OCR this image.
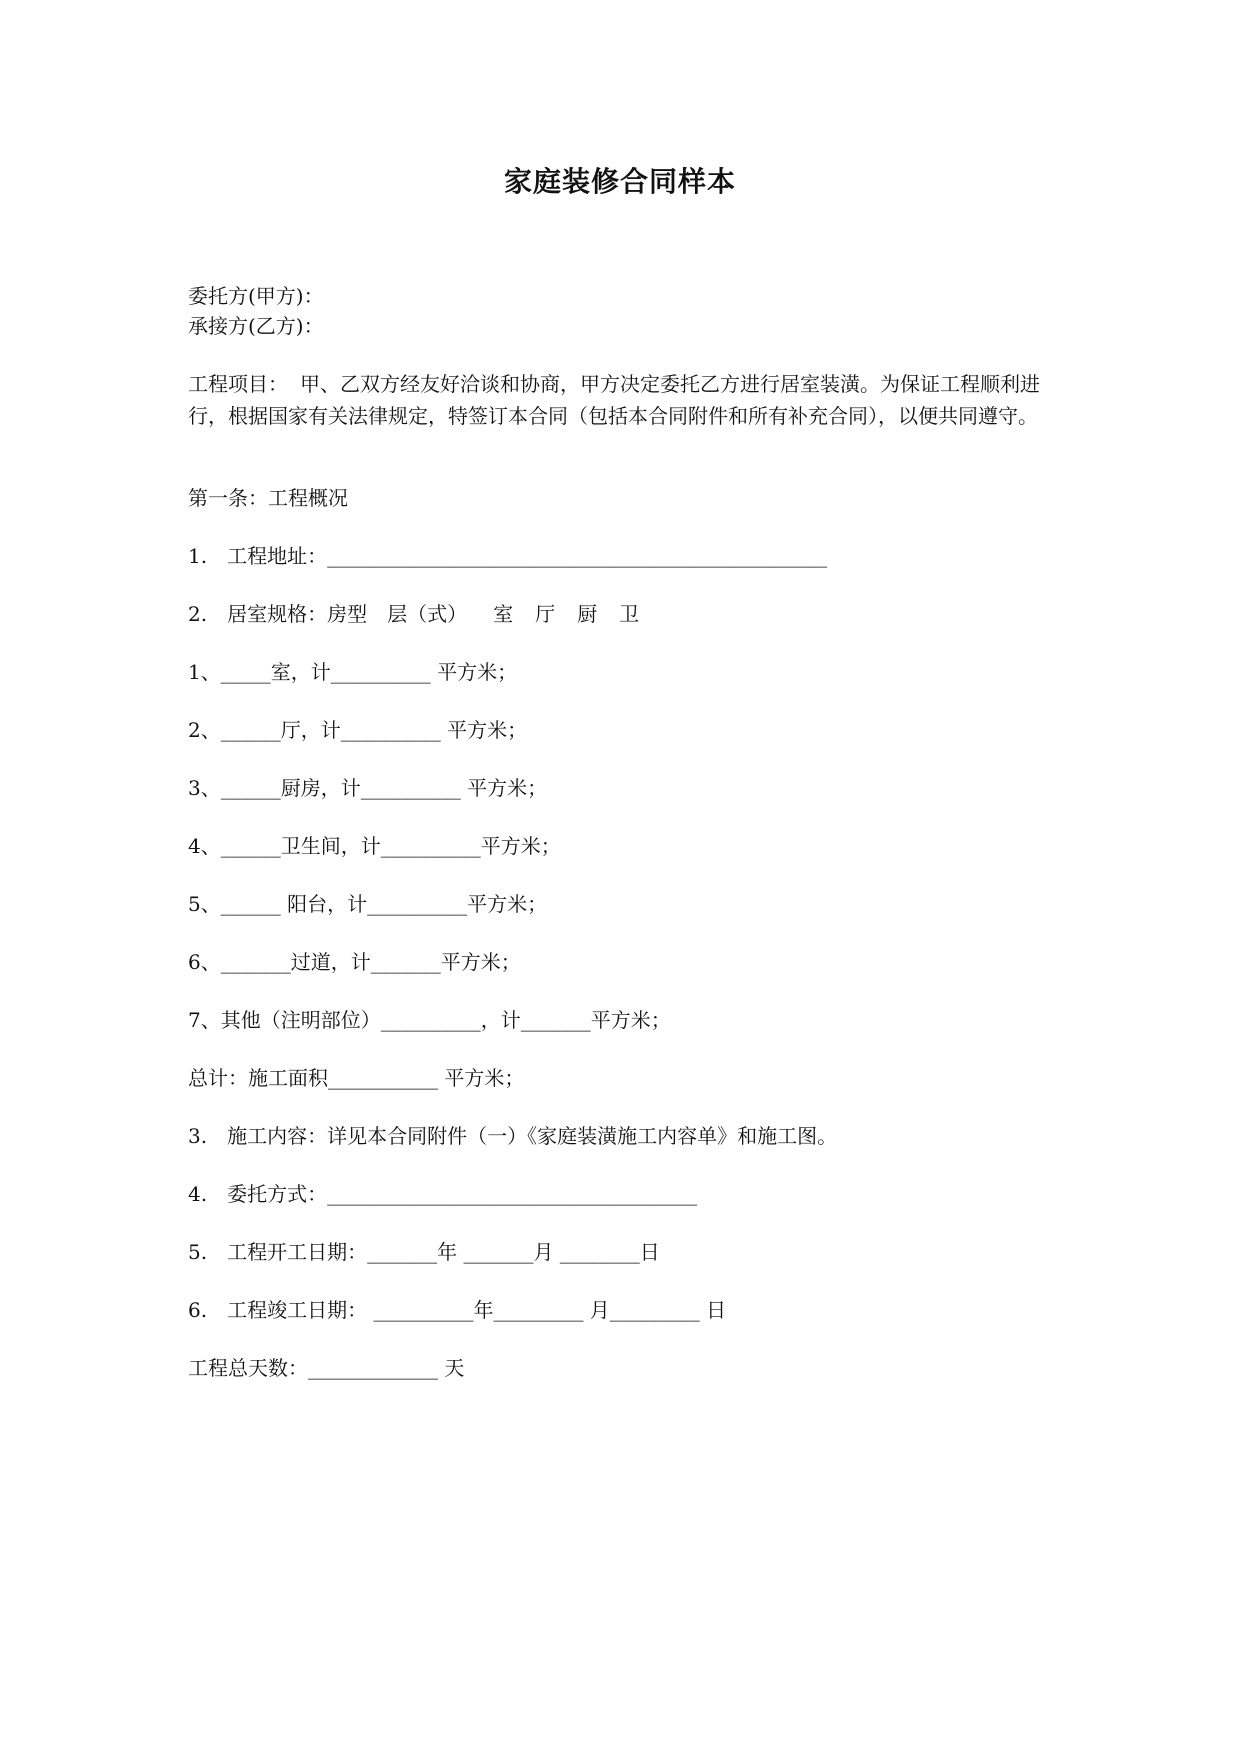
家庭装修合同样本
委托方(甲方)：
承接方(乙方)：
工程项目： 甲、乙双方经友好洽谈和协商，甲方决定委托乙方进行居室装潢。为保证工程顺利进行，根据国家有关法律规定，特签订本合同（包括本合同附件和所有补充合同），以便共同遵守。
第一条：工程概况
1. 工程地址：__________________________________________________
2. 居室规格：房型 层（式） 室 厅 厨 卫
1、_____室，计__________ 平方米；
2、______厅，计__________ 平方米；
3、______厨房，计__________ 平方米；
4、______卫生间，计__________平方米；
5、______ 阳台，计__________平方米；
6、_______过道，计_______平方米；
7、其他（注明部位）__________，计_______平方米；
总计：施工面积___________ 平方米；
3. 施工内容：详见本合同附件（一）《家庭装潢施工内容单》和施工图。
4. 委托方式：_____________________________________
5. 工程开工日期：_______年 _______月 ________日
6. 工程竣工日期： __________年_________ 月_________ 日
工程总天数：_____________ 天
